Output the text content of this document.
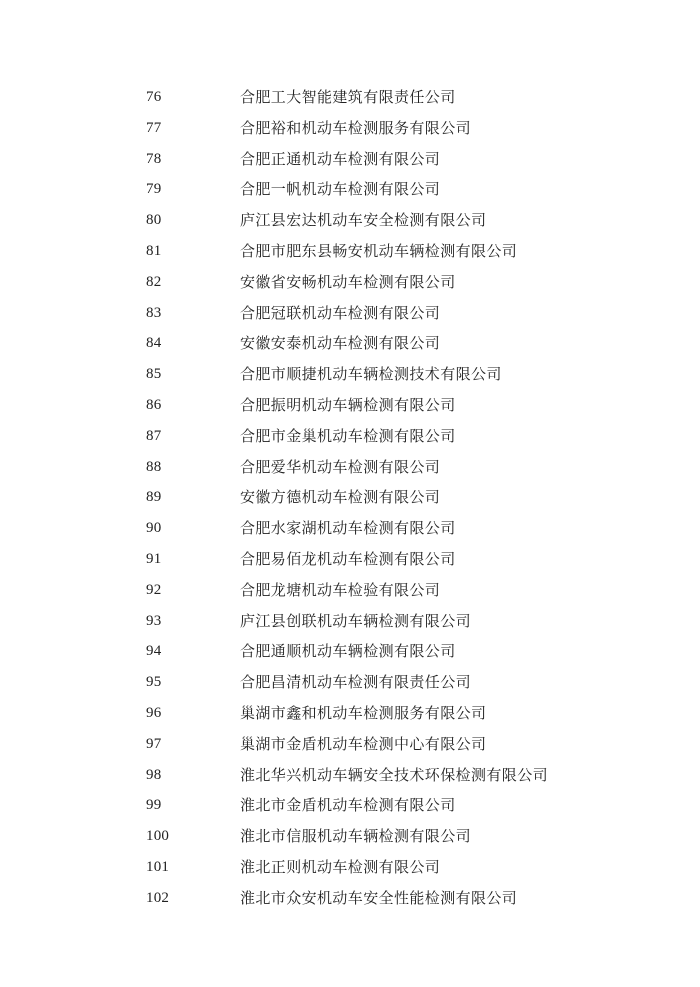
76	合肥工大智能建筑有限责任公司
77	合肥裕和机动车检测服务有限公司
78	合肥正通机动车检测有限公司
79	合肥一帆机动车检测有限公司
80	庐江县宏达机动车安全检测有限公司
81	合肥市肥东县畅安机动车辆检测有限公司
82	安徽省安畅机动车检测有限公司
83	合肥冠联机动车检测有限公司
84	安徽安泰机动车检测有限公司
85	合肥市顺捷机动车辆检测技术有限公司
86	合肥振明机动车辆检测有限公司
87	合肥市金巢机动车检测有限公司
88	合肥爱华机动车检测有限公司
89	安徽方德机动车检测有限公司
90	合肥水家湖机动车检测有限公司
91	合肥易佰龙机动车检测有限公司
92	合肥龙塘机动车检验有限公司
93	庐江县创联机动车辆检测有限公司
94	合肥通顺机动车辆检测有限公司
95	合肥昌清机动车检测有限责任公司
96	巢湖市鑫和机动车检测服务有限公司
97	巢湖市金盾机动车检测中心有限公司
98	淮北华兴机动车辆安全技术环保检测有限公司
99	淮北市金盾机动车检测有限公司
100	淮北市信服机动车辆检测有限公司
101	淮北正则机动车检测有限公司
102	淮北市众安机动车安全性能检测有限公司
